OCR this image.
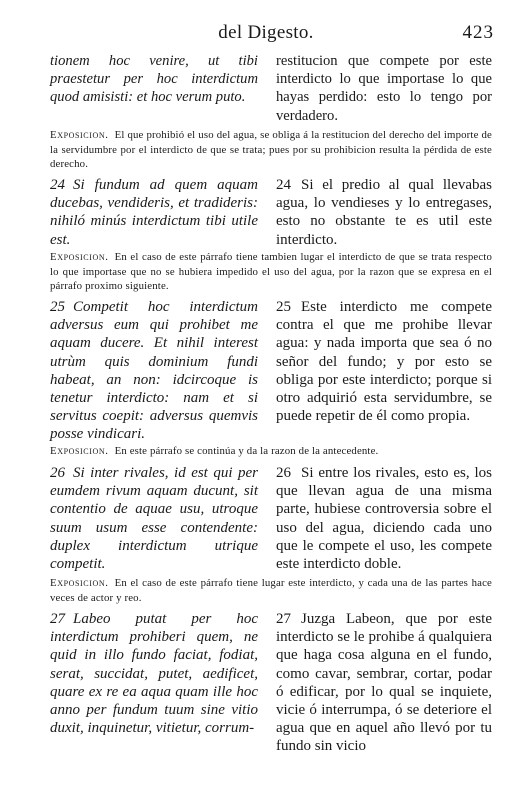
del Digesto.	423
tionem hoc venire, ut tibi praestetur per hoc interdictum quod amisisti: et hoc verum puto.
restitucion que compete por este interdicto lo que importase lo que hayas perdido: esto lo tengo por verdadero.
Exposicion. El que prohibió el uso del agua, se obliga á la restitucion del derecho del importe de la servidumbre por el interdicto de que se trata; pues por su prohibicion resulta la pérdida de este derecho.
24 Si fundum ad quem aquam ducebas, vendideris, et tradideris: nihiló minús interdictum tibi utile est.
24 Si el predio al qual llevabas agua, lo vendieses y lo entregases, esto no obstante te es util este interdicto.
Exposicion. En el caso de este párrafo tiene tambien lugar el interdicto de que se trata respecto lo que importase que no se hubiera impedido el uso del agua, por la razon que se expresa en el párrafo proximo siguiente.
25 Competit hoc interdictum adversus eum qui prohibet me aquam ducere. Et nihil interest utrùm quis dominium fundi habeat, an non: idcircoque is tenetur interdicto: nam et si servitus coepit: adversus quemvis posse vindicari.
25 Este interdicto me compete contra el que me prohibe llevar agua: y nada importa que sea ó no señor del fundo; y por esto se obliga por este interdicto; porque si otro adquirió esta servidumbre, se puede repetir de él como propia.
Exposicion. En este párrafo se continúa y da la razon de la antecedente.
26 Si inter rivales, id est qui per eumdem rivum aquam ducunt, sit contentio de aquae usu, utroque suum usum esse contendente: duplex interdictum utrique competit.
26 Si entre los rivales, esto es, los que llevan agua de una misma parte, hubiese controversia sobre el uso del agua, diciendo cada uno que le compete el uso, les compete este interdicto doble.
Exposicion. En el caso de este párrafo tiene lugar este interdicto, y cada una de las partes hace veces de actor y reo.
27 Labeo putat per hoc interdictum prohiberi quem, ne quid in illo fundo faciat, fodiat, serat, succidat, putet, aedificet, quare ex re ea aqua quam ille hoc anno per fundum tuum sine vitio duxit, inquinetur, vitietur, corrum-
27 Juzga Labeon, que por este interdicto se le prohibe á qualquiera que haga cosa alguna en el fundo, como cavar, sembrar, cortar, podar ó edificar, por lo qual se inquiete, vicie ó interrumpa, ó se deteriore el agua que en aquel año llevó por tu fundo sin vicio
